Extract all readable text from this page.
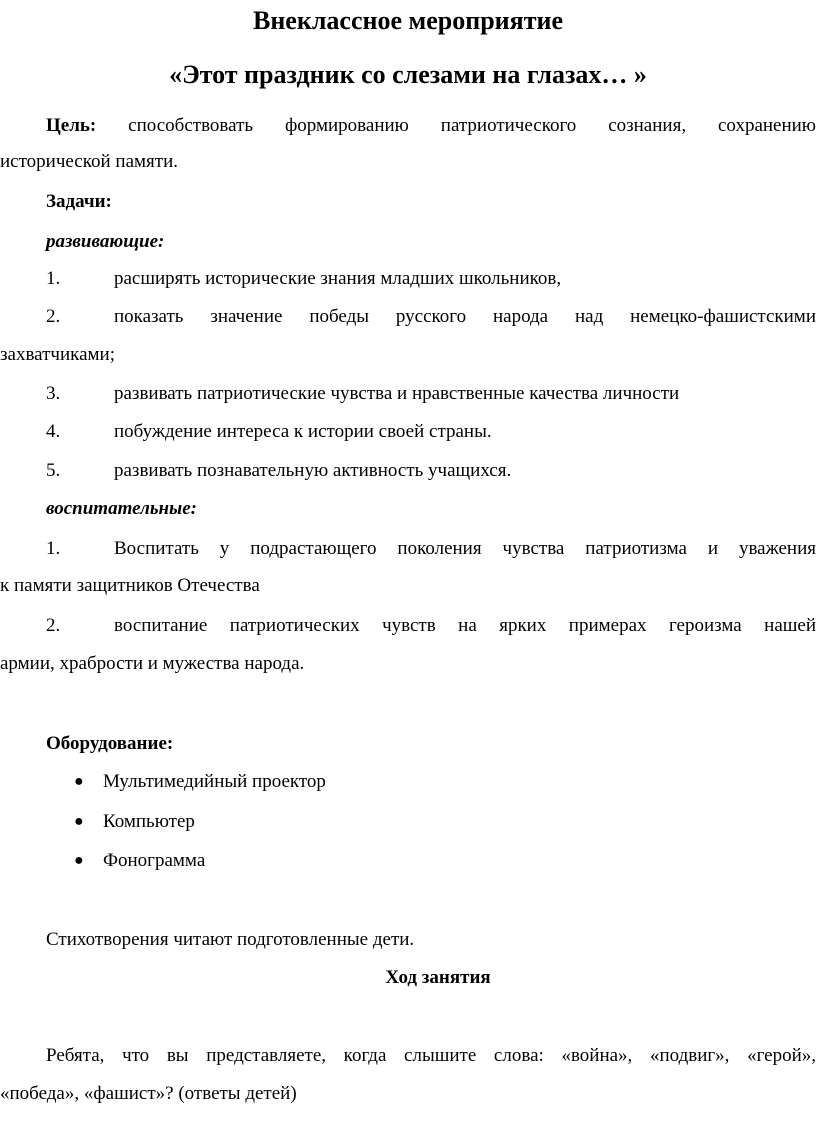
Внеклассное мероприятие
«Этот праздник со слезами на глазах… »
Цель: способствовать формированию патриотического сознания, сохранению
исторической памяти.
Задачи:
развивающие:
1.	расширять исторические знания младших школьников,
2.	показать значение победы русского народа над немецко-фашистскими
захватчиками;
3.	развивать патриотические чувства и нравственные качества личности
4.	побуждение интереса к истории своей страны.
5.	развивать познавательную активность учащихся.
воспитательные:
1.	Воспитать у подрастающего поколения чувства патриотизма и уважения
к памяти защитников Отечества
2.	воспитание патриотических чувств на ярких примерах героизма нашей
армии, храбрости и мужества народа.
Оборудование:
● Мультимедийный проектор
● Компьютер
● Фонограмма
Стихотворения читают подготовленные дети.
Ход занятия
Ребята, что вы представляете, когда слышите слова: «война», «подвиг», «герой»,
«победа», «фашист»? (ответы детей)
